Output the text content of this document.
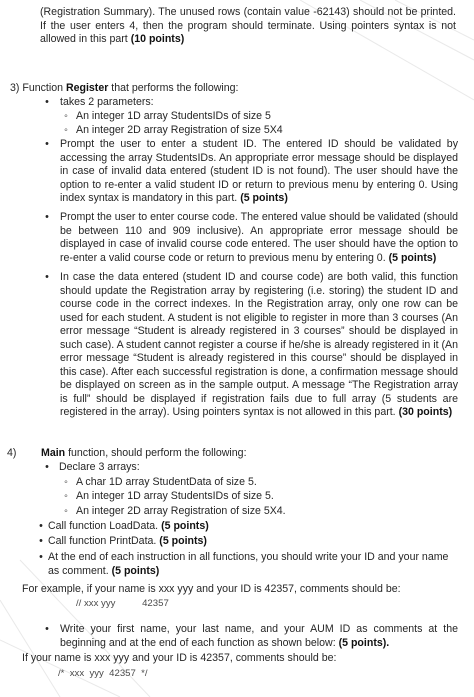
(Registration Summary). The unused rows (contain value -62143) should not be printed. If the user enters 4, then the program should terminate. Using pointers syntax is not allowed in this part (10 points)

3) Function Register that performs the following:
• takes 2 parameters:
◦ An integer 1D array StudentsIDs of size 5
◦ An integer 2D array Registration of size 5X4
• Prompt the user to enter a student ID. The entered ID should be validated by accessing the array StudentsIDs. An appropriate error message should be displayed in case of invalid data entered (student ID is not found). The user should have the option to re-enter a valid student ID or return to previous menu by entering 0. Using index syntax is mandatory in this part. (5 points)

• Prompt the user to enter course code. The entered value should be validated (should be between 110 and 909 inclusive). An appropriate error message should be displayed in case of invalid course code entered. The user should have the option to re-enter a valid course code or return to previous menu by entering 0. (5 points)

• In case the data entered (student ID and course code) are both valid, this function should update the Registration array by registering (i.e. storing) the student ID and course code in the correct indexes. In the Registration array, only one row can be used for each student. A student is not eligible to register in more than 3 courses (An error message “Student is already registered in 3 courses” should be displayed in such case). A student cannot register a course if he/she is already registered in it (An error message “Student is already registered in this course” should be displayed in this case). After each successful registration is done, a confirmation message should be displayed on screen as in the sample output. A message “The Registration array is full” should be displayed if registration fails due to full array (5 students are registered in the array). Using pointers syntax is not allowed in this part. (30 points)

4) Main function, should perform the following:
• Declare 3 arrays:
◦ A char 1D array StudentData of size 5.
◦ An integer 1D array StudentsIDs of size 5.
◦ An integer 2D array Registration of size 5X4.
• Call function LoadData. (5 points)
• Call function PrintData. (5 points)
• At the end of each instruction in all functions, you should write your ID and your name as comment. (5 points)

For example, if your name is xxx yyy and your ID is 42357, comments should be:
// xxx yyy          42357
• Write your first name, your last name, and your AUM ID as comments at the beginning and at the end of each function as shown below: (5 points).

If your name is xxx yyy and your ID is 42357, comments should be:
/*  xxx  yyy  42357  */
